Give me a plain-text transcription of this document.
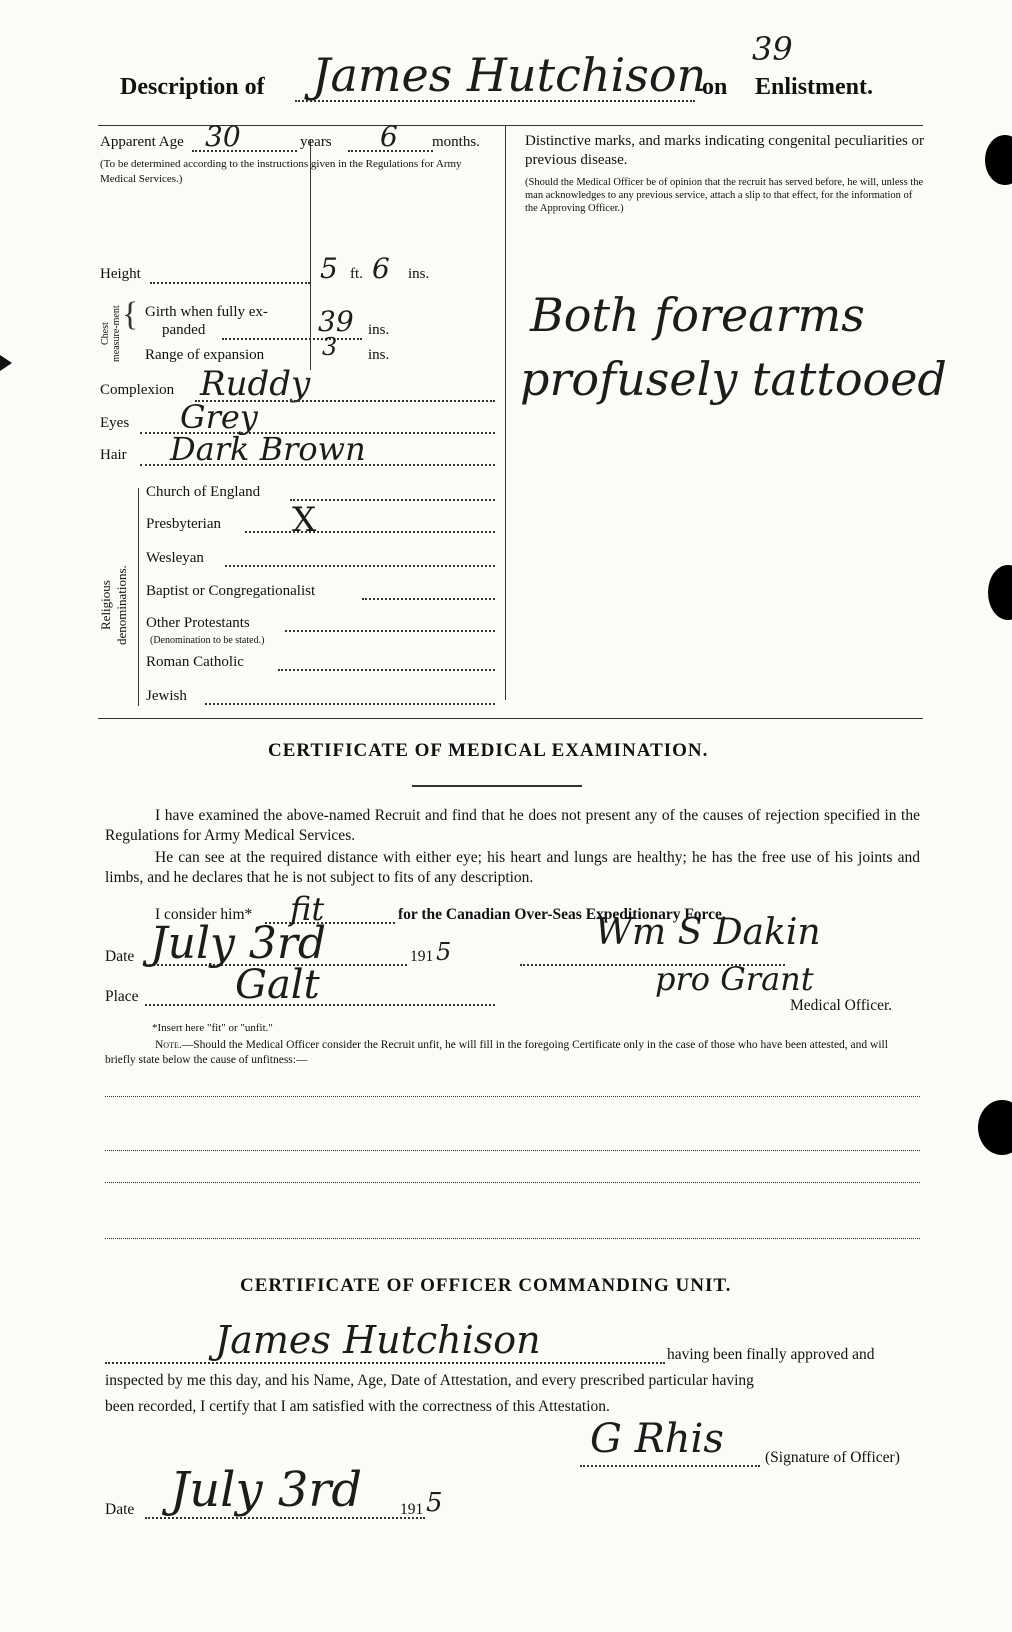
Description of James Hutchison
on Enlistment.
39
Apparent Age 30	years 6 months.
(To be determined according to the instructions given in the Regulations for Army Medical Services.)
Height	5 ft. 6 ins.
Chest measure-ment { Girth when fully ex-
panded	39 ins.
Range of expansion 3 ins.
Complexion Ruddy
Eyes Grey
Hair Dark Brown
Religious denominations.
Church of England
Presbyterian X
Wesleyan
Baptist or Congregationalist
Other Protestants
(Denomination to be stated.)
Roman Catholic
Jewish
Distinctive marks, and marks indicating congenital peculiarities or previous disease.
(Should the Medical Officer be of opinion that the recruit has served before, he will, unless the man acknowledges to any previous service, attach a slip to that effect, for the information of the Approving Officer.)
Both forearms
profusely tattooed
CERTIFICATE OF MEDICAL EXAMINATION.
I have examined the above-named Recruit and find that he does not present any of the causes of rejection specified in the Regulations for Army Medical Services.
He can see at the required distance with either eye; his heart and lungs are healthy; he has the free use of his joints and limbs, and he declares that he is not subject to fits of any description.
I consider him* fit	for the Canadian Over-Seas Expeditionary Force.
Date July 3rd	191 5	Wm S Dakin
Place Galt	pro Grant
Medical Officer.
*Insert here "fit" or "unfit."
Note.—Should the Medical Officer consider the Recruit unfit, he will fill in the foregoing Certificate only in the case of those who have been attested, and will briefly state below the cause of unfitness:—
CERTIFICATE OF OFFICER COMMANDING UNIT.
James Hutchison	having been finally approved and
inspected by me this day, and his Name, Age, Date of Attestation, and every prescribed particular having
been recorded, I certify that I am satisfied with the correctness of this Attestation.
G Rhis	(Signature of Officer)
Date July 3rd 191 5
